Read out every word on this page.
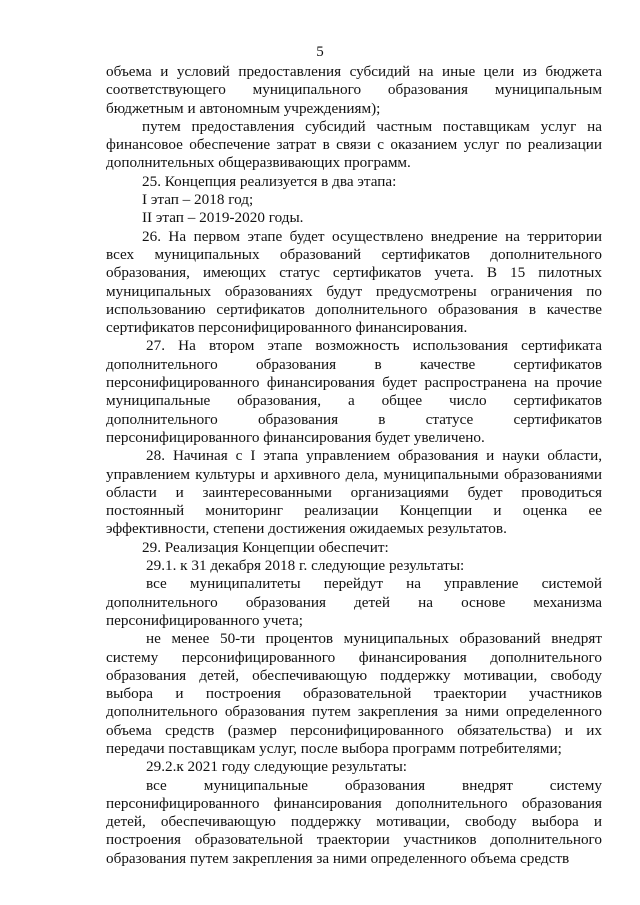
5

объема и условий предоставления субсидий на иные цели из бюджета соответствующего муниципального образования муниципальным бюджетным и автономным учреждениям);

путем предоставления субсидий частным поставщикам услуг на финансовое обеспечение затрат в связи с оказанием услуг по реализации дополнительных общеразвивающих программ.

25. Концепция реализуется в два этапа:

I этап – 2018 год;

II этап – 2019-2020 годы.

26. На первом этапе будет осуществлено внедрение на территории всех муниципальных образований сертификатов дополнительного образования, имеющих статус сертификатов учета. В 15 пилотных муниципальных образованиях будут предусмотрены ограничения по использованию сертификатов дополнительного образования в качестве сертификатов персонифицированного финансирования.

27. На втором этапе возможность использования сертификата дополнительного образования в качестве сертификатов персонифицированного финансирования будет распространена на прочие муниципальные образования, а общее число сертификатов дополнительного образования в статусе сертификатов персонифицированного финансирования будет увеличено.

28. Начиная с I этапа управлением образования и науки области, управлением культуры и архивного дела, муниципальными образованиями области и заинтересованными организациями будет проводиться постоянный мониторинг реализации Концепции и оценка ее эффективности, степени достижения ожидаемых результатов.

29. Реализация Концепции обеспечит:

29.1. к 31 декабря 2018 г. следующие результаты:

все муниципалитеты перейдут на управление системой дополнительного образования детей на основе механизма персонифицированного учета;

не менее 50-ти процентов муниципальных образований внедрят систему персонифицированного финансирования дополнительного образования детей, обеспечивающую поддержку мотивации, свободу выбора и построения образовательной траектории участников дополнительного образования путем закрепления за ними определенного объема средств (размер персонифицированного обязательства) и их передачи поставщикам услуг, после выбора программ потребителями;

29.2.к 2021 году следующие результаты:

все муниципальные образования внедрят систему персонифицированного финансирования дополнительного образования детей, обеспечивающую поддержку мотивации, свободу выбора и построения образовательной траектории участников дополнительного образования путем закрепления за ними определенного объема средств
